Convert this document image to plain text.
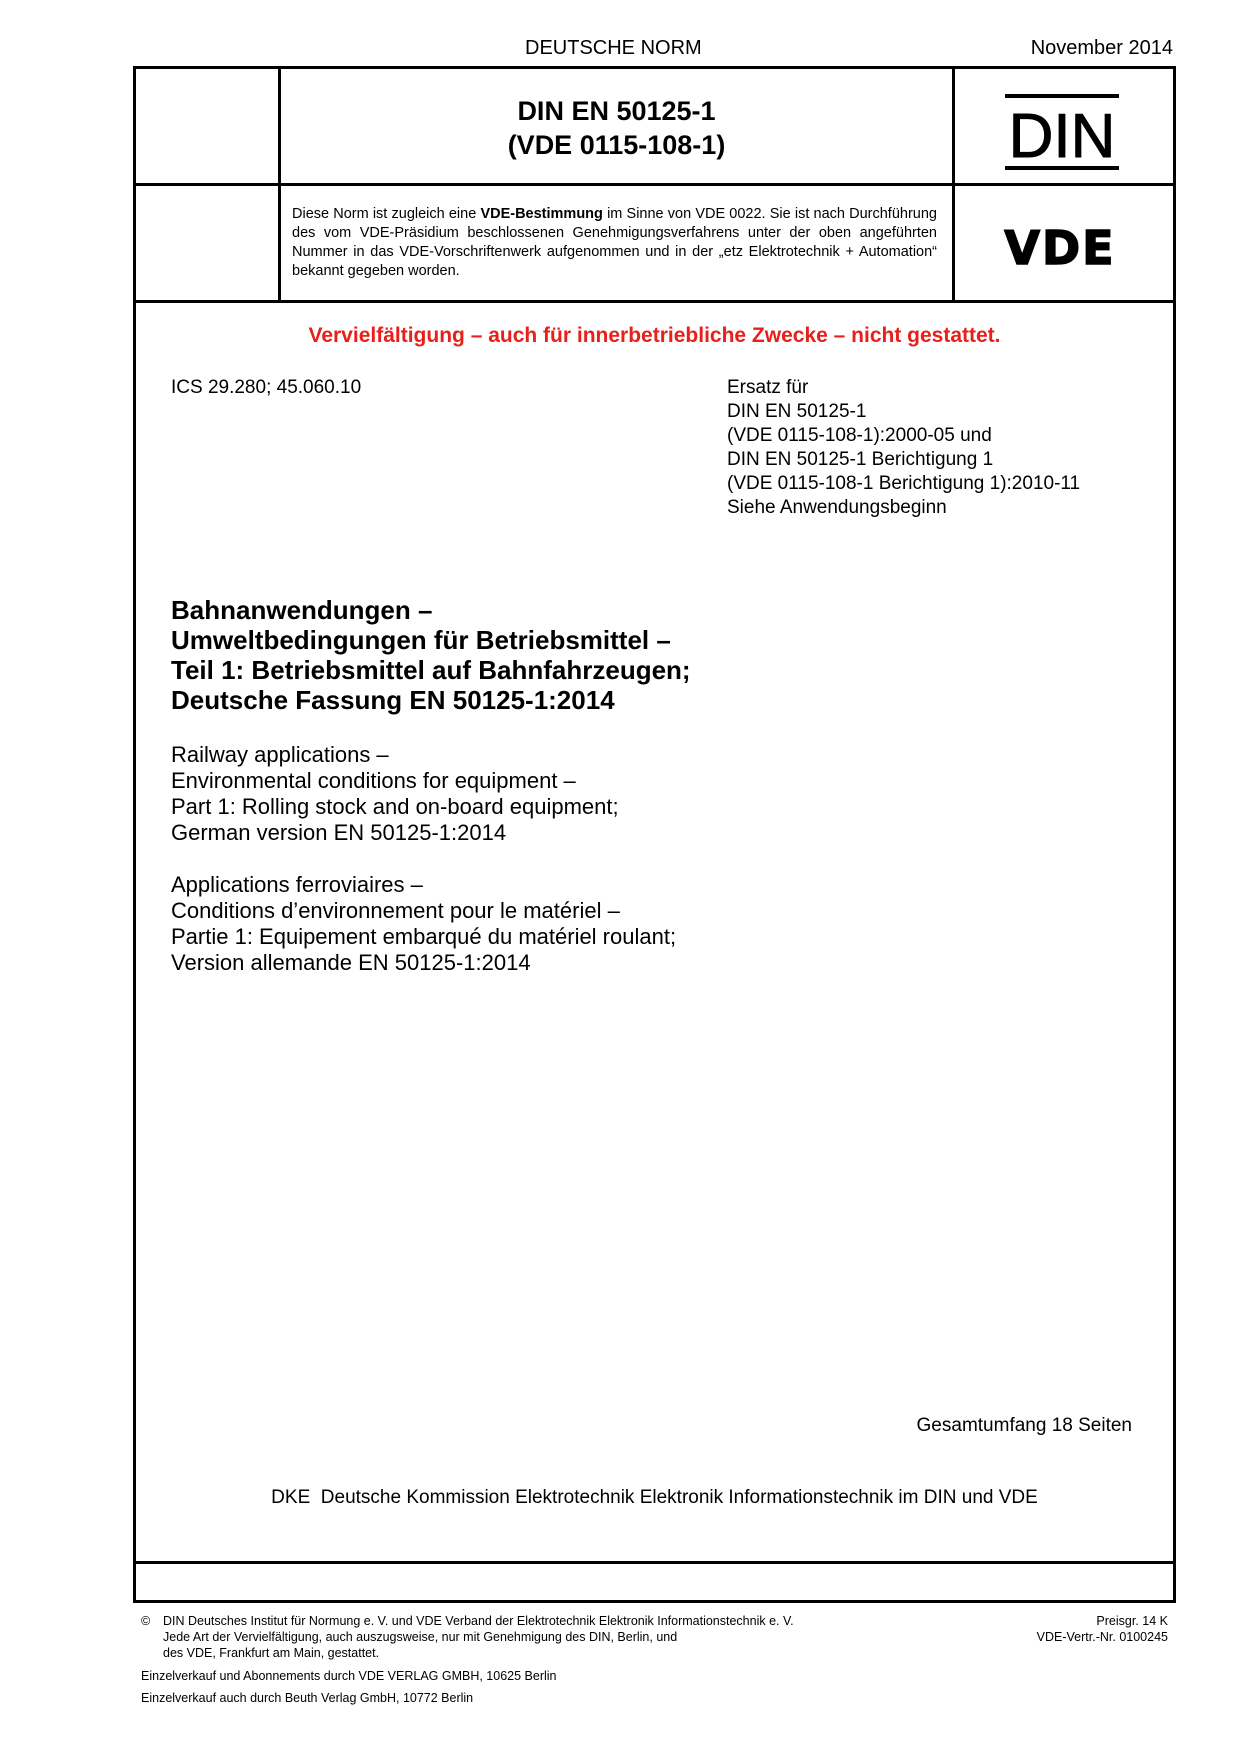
DEUTSCHE NORM	November 2014
DIN EN 50125-1
(VDE 0115-108-1)	DIN
Diese Norm ist zugleich eine VDE-Bestimmung im Sinne von VDE 0022. Sie ist nach Durchführung des vom VDE-Präsidium beschlossenen Genehmigungsverfahrens unter der oben angeführten Nummer in das VDE-Vorschriftenwerk aufgenommen und in der „etz Elektrotechnik + Automation“ bekannt gegeben worden.	VDE
Vervielfältigung – auch für innerbetriebliche Zwecke – nicht gestattet.
ICS 29.280; 45.060.10	Ersatz für
DIN EN 50125-1
(VDE 0115-108-1):2000-05 und
DIN EN 50125-1 Berichtigung 1
(VDE 0115-108-1 Berichtigung 1):2010-11
Siehe Anwendungsbeginn
Bahnanwendungen –
Umweltbedingungen für Betriebsmittel –
Teil 1: Betriebsmittel auf Bahnfahrzeugen;
Deutsche Fassung EN 50125-1:2014
Railway applications –
Environmental conditions for equipment –
Part 1: Rolling stock and on-board equipment;
German version EN 50125-1:2014
Applications ferroviaires –
Conditions d’environnement pour le matériel –
Partie 1: Equipement embarqué du matériel roulant;
Version allemande EN 50125-1:2014
Gesamtumfang 18 Seiten
DKE  Deutsche Kommission Elektrotechnik Elektronik Informationstechnik im DIN und VDE
© DIN Deutsches Institut für Normung e. V. und VDE Verband der Elektrotechnik Elektronik Informationstechnik e. V.
Jede Art der Vervielfältigung, auch auszugsweise, nur mit Genehmigung des DIN, Berlin, und
des VDE, Frankfurt am Main, gestattet.
Preisgr. 14 K
VDE-Vertr.-Nr. 0100245
Einzelverkauf und Abonnements durch VDE VERLAG GMBH, 10625 Berlin
Einzelverkauf auch durch Beuth Verlag GmbH, 10772 Berlin
